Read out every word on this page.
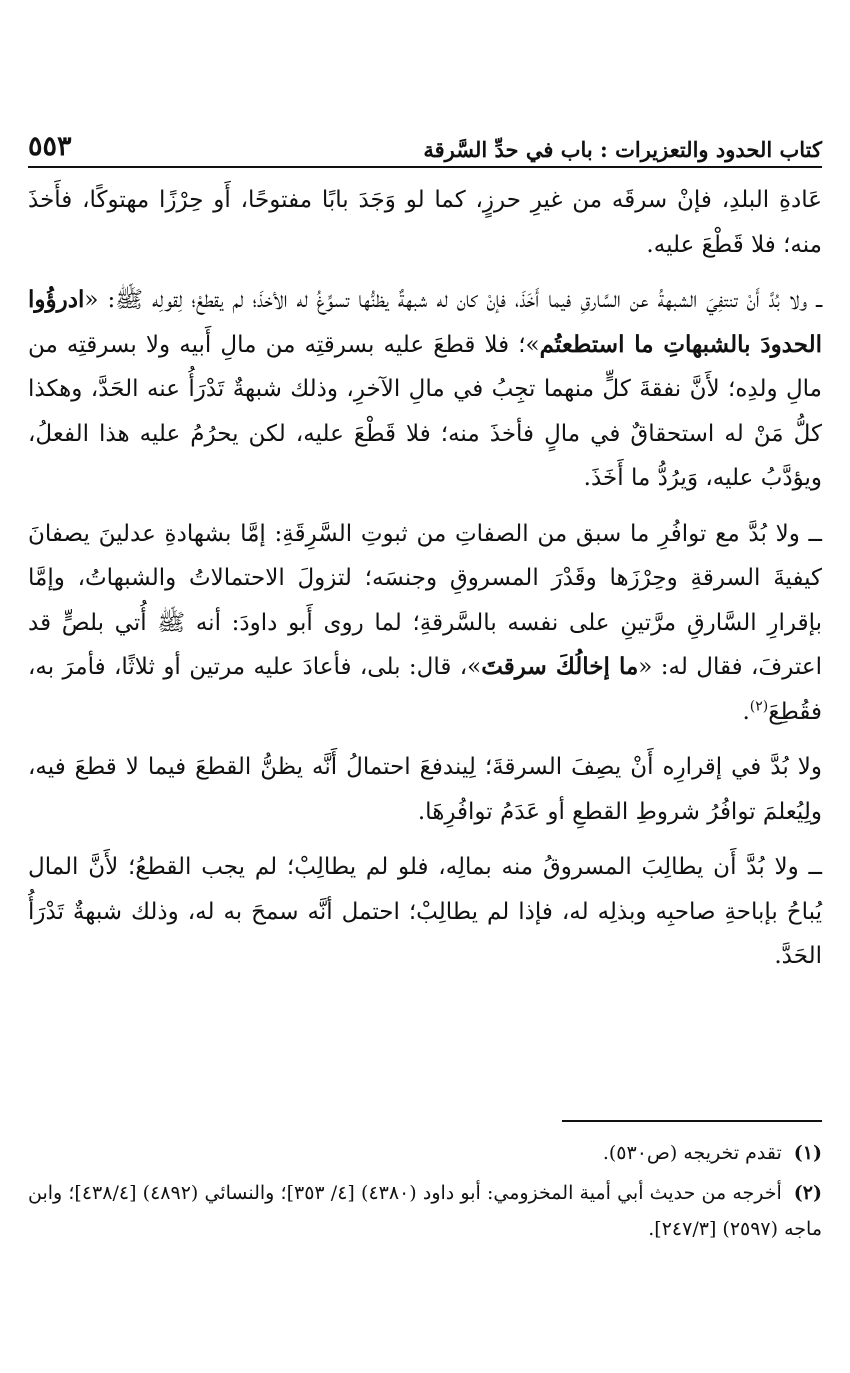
كتاب الحدود والتعزيرات : باب في حدِّ السَّرقة
٥٥٣

عَادةِ البلدِ، فإنْ سرقَه من غيرِ حرزٍ، كما لو وَجَدَ بابًا مفتوحًا، أَو حِرْزًا مهتوكًا، فأَخذَ منه؛ فلا قَطْعَ عليه.

ــ ولا بُدَّ أَنْ تنتفِيَ الشبهةُ عن السَّارقِ فيما أَخَذَ، فإنْ كان له شبهةٌ يظنُّها تسوِّغُ له الأخذَ؛ لم يقطعْ؛ لِقولِه ﷺ: «ادرؤُوا الحدودَ بالشبهاتِ ما استطعتُم»؛ فلا قطعَ عليه بسرقتِه من مالِ أَبيه ولا بسرقتِه من مالِ ولدِه؛ لأَنَّ نفقةَ كلٍّ منهما تجِبُ في مالِ الآخرِ، وذلك شبهةٌ تَدْرَأُ عنه الحَدَّ، وهكذا كلُّ مَنْ له استحقاقٌ في مالٍ فأخذَ منه؛ فلا قَطْعَ عليه، لكن يحرُمُ عليه هذا الفعلُ، ويؤدَّبُ عليه، وَيرُدُّ ما أَخَذَ.

ــ ولا بُدَّ مع توافُرِ ما سبق من الصفاتِ من ثبوتِ السَّرِقَةِ: إمَّا بشهادةِ عدلينَ يصفانَ كيفيةَ السرقةِ وحِرْزَها وقَدْرَ المسروقِ وجنسَه؛ لتزولَ الاحتمالاتُ والشبهاتُ، وإمَّا بإقرارِ السَّارقِ مرَّتينِ على نفسه بالسَّرقةِ؛ لما روى أَبو داودَ: أنه ﷺ أُتي بلصٍّ قد اعترفَ، فقال له: «ما إخالُكَ سرقتَ»، قال: بلى، فأعادَ عليه مرتين أو ثلاثًا، فأمرَ به، فقُطِعَ$^{(٢)}$.

ولا بُدَّ في إقرارِه أَنْ يصِفَ السرقةَ؛ لِيندفعَ احتمالُ أَنَّه يظنُّ القطعَ فيما لا قطعَ فيه، ولِيُعلمَ توافُرُ شروطِ القطعِ أو عَدَمُ توافُرِهَا.

ــ ولا بُدَّ أَن يطالِبَ المسروقُ منه بمالِه، فلو لم يطالِبْ؛ لم يجب القطعُ؛ لأَنَّ المال يُباحُ بإباحةِ صاحبِه وبذلِه له، فإذا لم يطالِبْ؛ احتمل أنَّه سمحَ به له، وذلك شبهةٌ تَدْرَأُ الحَدَّ.

(١)تقدم تخريجه (ص٥٣٠).

(٢)أخرجه من حديث أبي أمية المخزومي: أبو داود (٤٣٨٠) [٤/ ٣٥٣]؛ والنسائي (٤٨٩٢) [٤٣٨/٤]؛ وابن ماجه (٢٥٩٧) [٢٤٧/٣].
